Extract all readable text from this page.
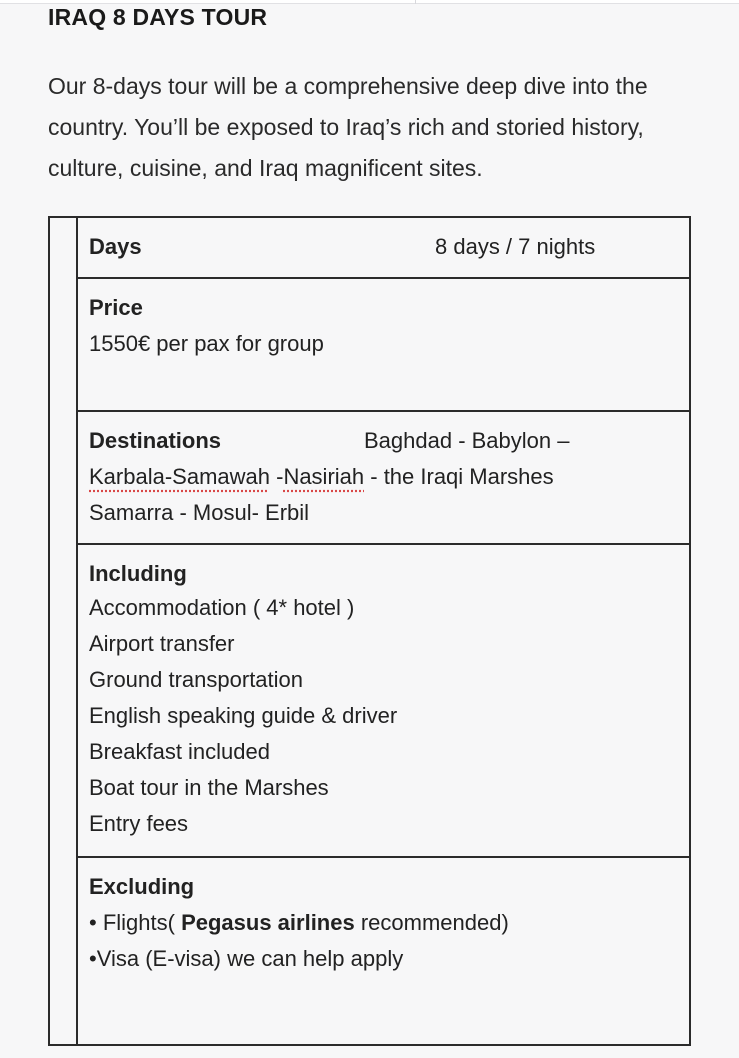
IRAQ 8 DAYS TOUR
Our 8-days tour will be a comprehensive deep dive into the country. You’ll be exposed to Iraq’s rich and storied history, culture, cuisine, and Iraq magnificent sites.
Days	8 days / 7 nights
Price
1550€ per pax for group
Destinations	Baghdad - Babylon –
Karbala-Samawah -Nasiriah - the Iraqi Marshes
Samarra - Mosul- Erbil
Including
Accommodation ( 4* hotel )
Airport transfer
Ground transportation
English speaking guide & driver
Breakfast included
Boat tour in the Marshes
Entry fees
Excluding
• Flights( Pegasus airlines recommended)
•Visa (E-visa) we can help apply
